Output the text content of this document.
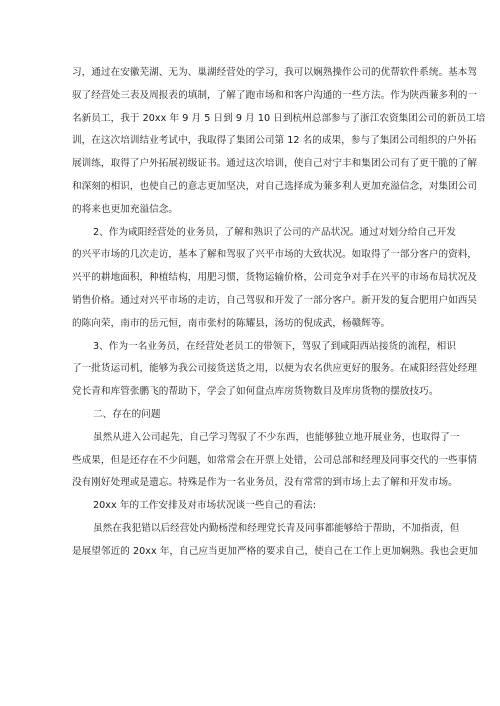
习，通过在安徽芜湖、无为、巢湖经营处的学习，我可以娴熟操作公司的优帮软件系统。基本驾
驭了经营处三表及周报表的填制，了解了跑市场和和客户沟通的一些方法。作为陕西蒹多利的一
名新员工，我于 20xx 年 9 月 5 日到 9 月 10 日到杭州总部参与了浙江农资集团公司的新员工培
训，在这次培训结业考试中，我取得了集团公司第 12 名的成果，参与了集团公司组织的户外拓
展训练，取得了户外拓展初级证书。通过这次培训，使自己对宁丰和集团公司有了更干脆的了解
和深刻的相识，也使自己的意志更加坚决，对自己选择成为蒹多利人更加充溢信念，对集团公司
的将来也更加充溢信念。
2、作为咸阳经营处的业务员，了解和熟识了公司的产品状况。通过对划分给自己开发
的兴平市场的几次走访，基本了解和驾驭了兴平市场的大致状况。如取得了一部分客户的资料，
兴平的耕地面积，种植结构，用肥习惯，货物运输价格，公司竞争对手在兴平的市场布局状况及
销售价格。通过对兴平市场的走访，自己驾驭和开发了一部分客户。新开发的复合肥用户如西吴
的陈向荣，南市的岳元恒，南市张村的陈耀县，汤坊的倪成武，杨赣辉等。
3、作为一名业务员，在经营处老员工的带领下，驾驭了到咸阳西站接货的流程，相识
了一批货运司机，能够为我公司接货送货之用，以便为农名供应更好的服务。在咸阳经营处经理
党长青和库管张鹏飞的帮助下，学会了如何盘点库房货物数目及库房货物的摆放技巧。
二、存在的问题
虽然从进入公司起先，自己学习驾驭了不少东西，也能够独立地开展业务，也取得了一
些成果，但是还存在不少问题，如常常会在开票上处错，公司总部和经理及同事交代的一些事情
没有刚好处理或是遗忘。特殊是作为一名业务员，没有常常的到市场上去了解和开发市场。
20xx 年的工作安排及对市场状况谈一些自己的看法:
虽然在我犯错以后经营处内勤杨滢和经理党长青及同事都能够给于帮助，不加指责，但
是展望邻近的 20xx 年，自己应当更加严格的要求自己，使自己在工作上更加娴熟。我也会更加
